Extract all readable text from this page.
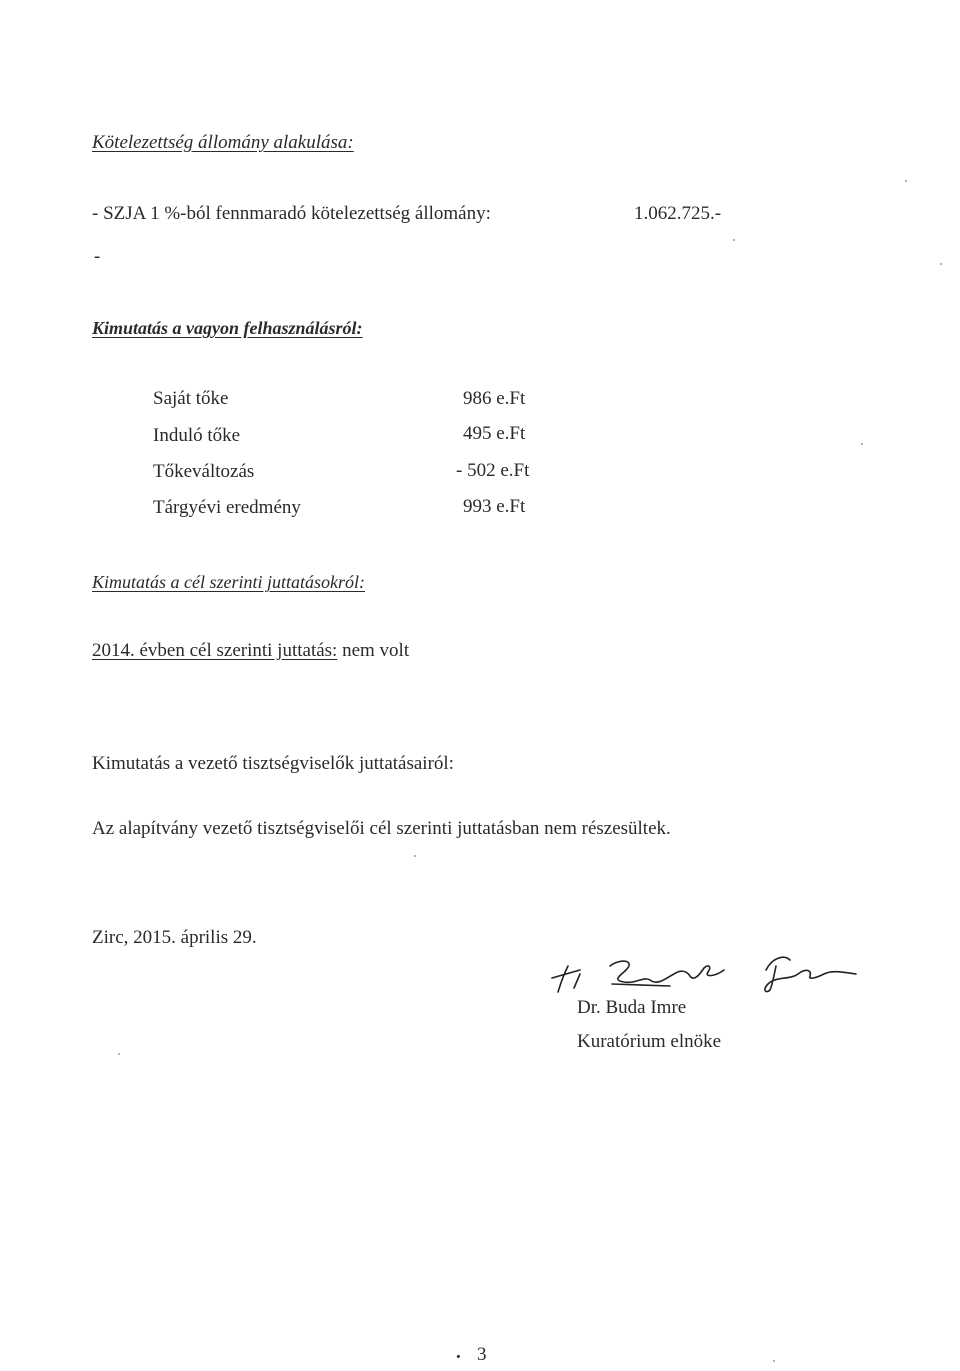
Kötelezettség állomány alakulása:
- SZJA 1 %-ból fennmaradó kötelezettség állomány:	1.062.725.-
-
Kimutatás a vagyon felhasználásról:
Saját tőke	986 e.Ft
Induló tőke	495 e.Ft
Tőkeváltozás	- 502 e.Ft
Tárgyévi eredmény	993 e.Ft
Kimutatás a cél szerinti juttatásokról:
2014. évben cél szerinti juttatás: nem volt
Kimutatás a vezető tisztségviselők juttatásairól:
Az alapítvány vezető tisztségviselői cél szerinti juttatásban nem részesültek.
Zirc, 2015. április 29.
Dr. Buda Imre
Kuratórium elnöke
. 3
